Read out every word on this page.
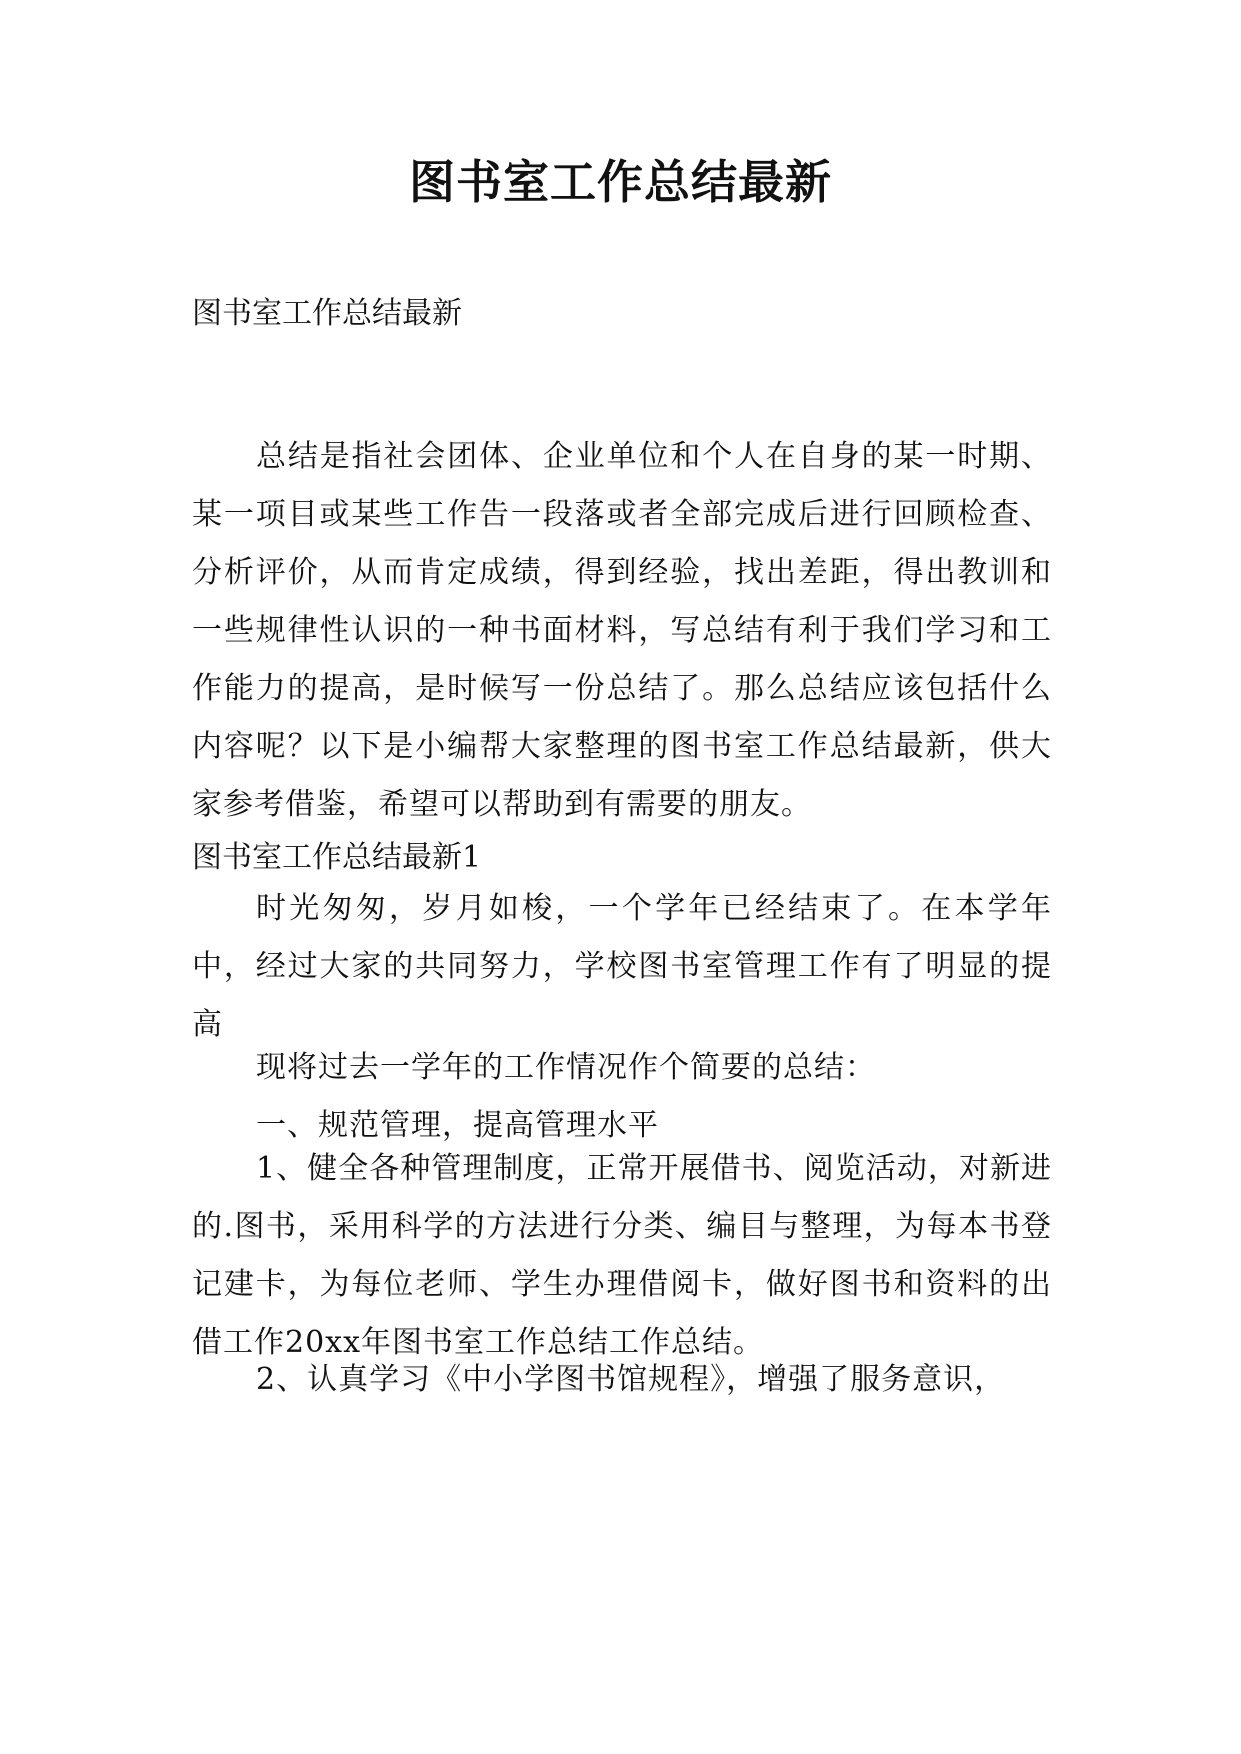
图书室工作总结最新
图书室工作总结最新

总结是指社会团体、企业单位和个人在自身的某一时期、某一项目或某些工作告一段落或者全部完成后进行回顾检查、分析评价，从而肯定成绩，得到经验，找出差距，得出教训和一些规律性认识的一种书面材料，写总结有利于我们学习和工作能力的提高，是时候写一份总结了。那么总结应该包括什么内容呢？以下是小编帮大家整理的图书室工作总结最新，供大家参考借鉴，希望可以帮助到有需要的朋友。

图书室工作总结最新1

时光匆匆，岁月如梭，一个学年已经结束了。在本学年中，经过大家的共同努力，学校图书室管理工作有了明显的提高

现将过去一学年的工作情况作个简要的总结：
一、规范管理，提高管理水平

1、健全各种管理制度，正常开展借书、阅览活动，对新进的.图书，采用科学的方法进行分类、编目与整理，为每本书登记建卡，为每位老师、学生办理借阅卡，做好图书和资料的出借工作20xx年图书室工作总结工作总结。

2、认真学习《中小学图书馆规程》，增强了服务意识，
